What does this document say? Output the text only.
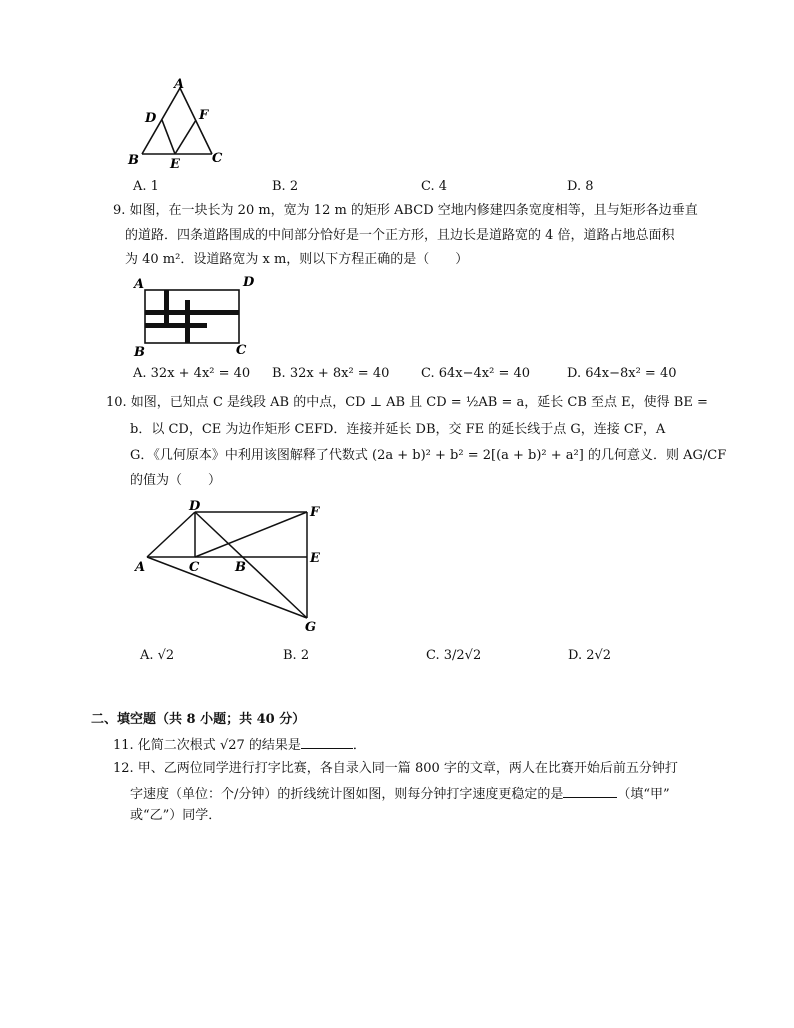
A
D	F
B E C
A. 1	B. 2	C. 4	D. 8
9. 如图，在一块长为 20 m，宽为 12 m 的矩形 ABCD 空地内修建四条宽度相等，且与矩形各边垂直
的道路．四条道路围成的中间部分恰好是一个正方形，且边长是道路宽的 4 倍，道路占地总面积
为 40 m²．设道路宽为 x m，则以下方程正确的是（　　）
A	D
B	C
A. 32x + 4x² = 40 B. 32x + 8x² = 40 C. 64x−4x² = 40	D. 64x−8x² = 40
10. 如图，已知点 C 是线段 AB 的中点，CD ⊥ AB 且 CD = ½AB = a，延长 CB 至点 E，使得 BE =
b．以 CD，CE 为边作矩形 CEFD．连接并延长 DB，交 FE 的延长线于点 G，连接 CF，A
G．《几何原本》中利用该图解释了代数式 (2a + b)² + b² = 2[(a + b)² + a²] 的几何意义．则 AG/CF
的值为（　　）
D	F
E
A	C	B
G
A. √2	B. 2	C. 3/2√2	D. 2√2
二、填空题（共 8 小题；共 40 分）
11. 化简二次根式 √27 的结果是	．
12. 甲、乙两位同学进行打字比赛，各自录入同一篇 800 字的文章，两人在比赛开始后前五分钟打
字速度（单位：个/分钟）的折线统计图如图，则每分钟打字速度更稳定的是	（填“甲”
或“乙”）同学．
